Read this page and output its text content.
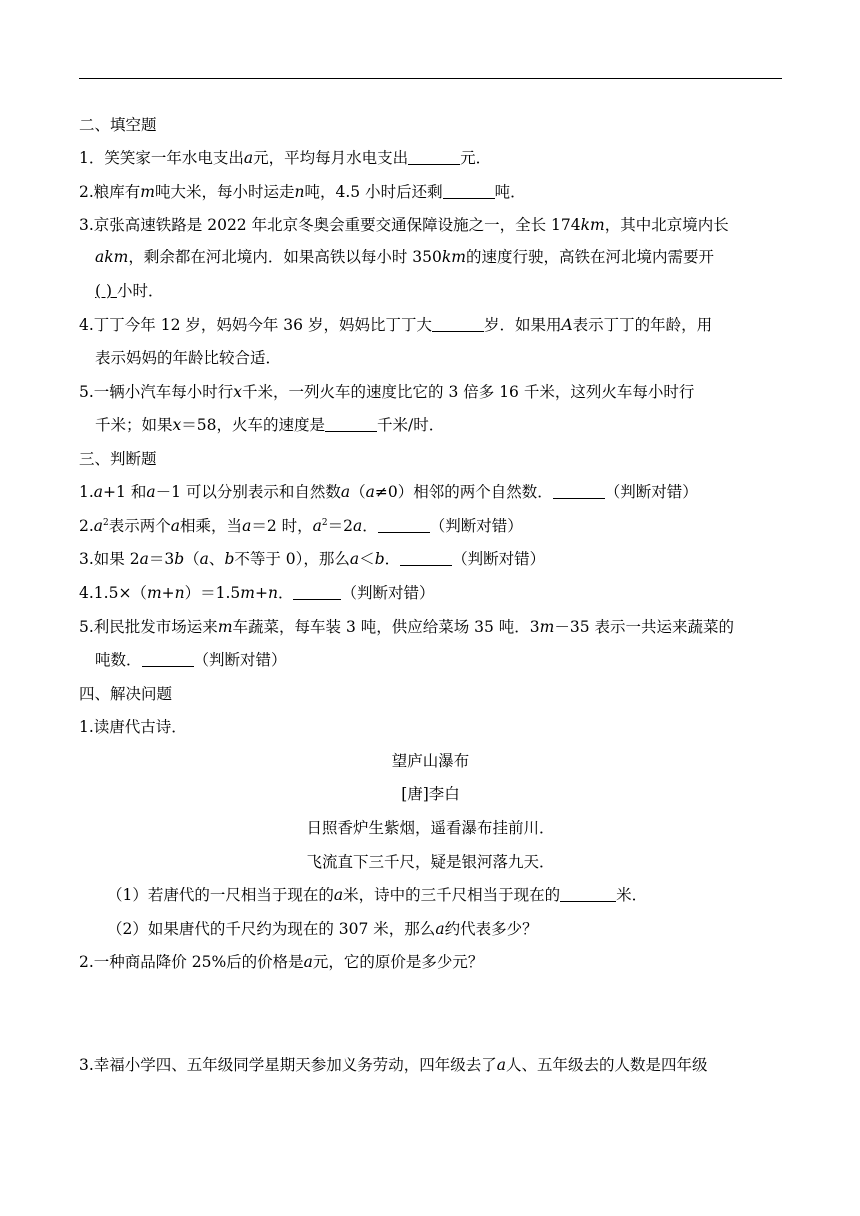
二、填空题
1．笑笑家一年水电支出a元，平均每月水电支出	元．
2.粮库有m吨大米，每小时运走n吨，4.5 小时后还剩	吨．
3.京张高速铁路是 2022 年北京冬奥会重要交通保障设施之一，全长 174km，其中北京境内长
akm，剩余都在河北境内．如果高铁以每小时 350km的速度行驶，高铁在河北境内需要开
( ) 小时．
4.丁丁今年 12 岁，妈妈今年 36 岁，妈妈比丁丁大	岁．如果用A表示丁丁的年龄，用
表示妈妈的年龄比较合适．
5.一辆小汽车每小时行x千米，一列火车的速度比它的 3 倍多 16 千米，这列火车每小时行
千米；如果x＝58，火车的速度是	千米/时．
三、判断题
1.a+1 和a－1 可以分别表示和自然数a（a≠0）相邻的两个自然数．	（判断对错）
$2.a^2$表示两个a相乘，当a＝2 时，$a^2=2a$．	（判断对错）
3.如果 2a＝3b（a、b不等于 0），那么a＜b．	（判断对错）
4.1.5×（m+n）＝1.5m+n．	（判断对错）
5.利民批发市场运来m车蔬菜，每车装 3 吨，供应给菜场 35 吨．3m－35 表示一共运来蔬菜的
吨数．	（判断对错）
四、解决问题
1.读唐代古诗．
望庐山瀑布
[唐]李白
日照香炉生紫烟，遥看瀑布挂前川．
飞流直下三千尺，疑是银河落九天．
（1）若唐代的一尺相当于现在的a米，诗中的三千尺相当于现在的	米．
（2）如果唐代的千尺约为现在的 307 米，那么a约代表多少？
2.一种商品降价 25%后的价格是a元，它的原价是多少元？
3.幸福小学四、五年级同学星期天参加义务劳动，四年级去了a人、五年级去的人数是四年级
